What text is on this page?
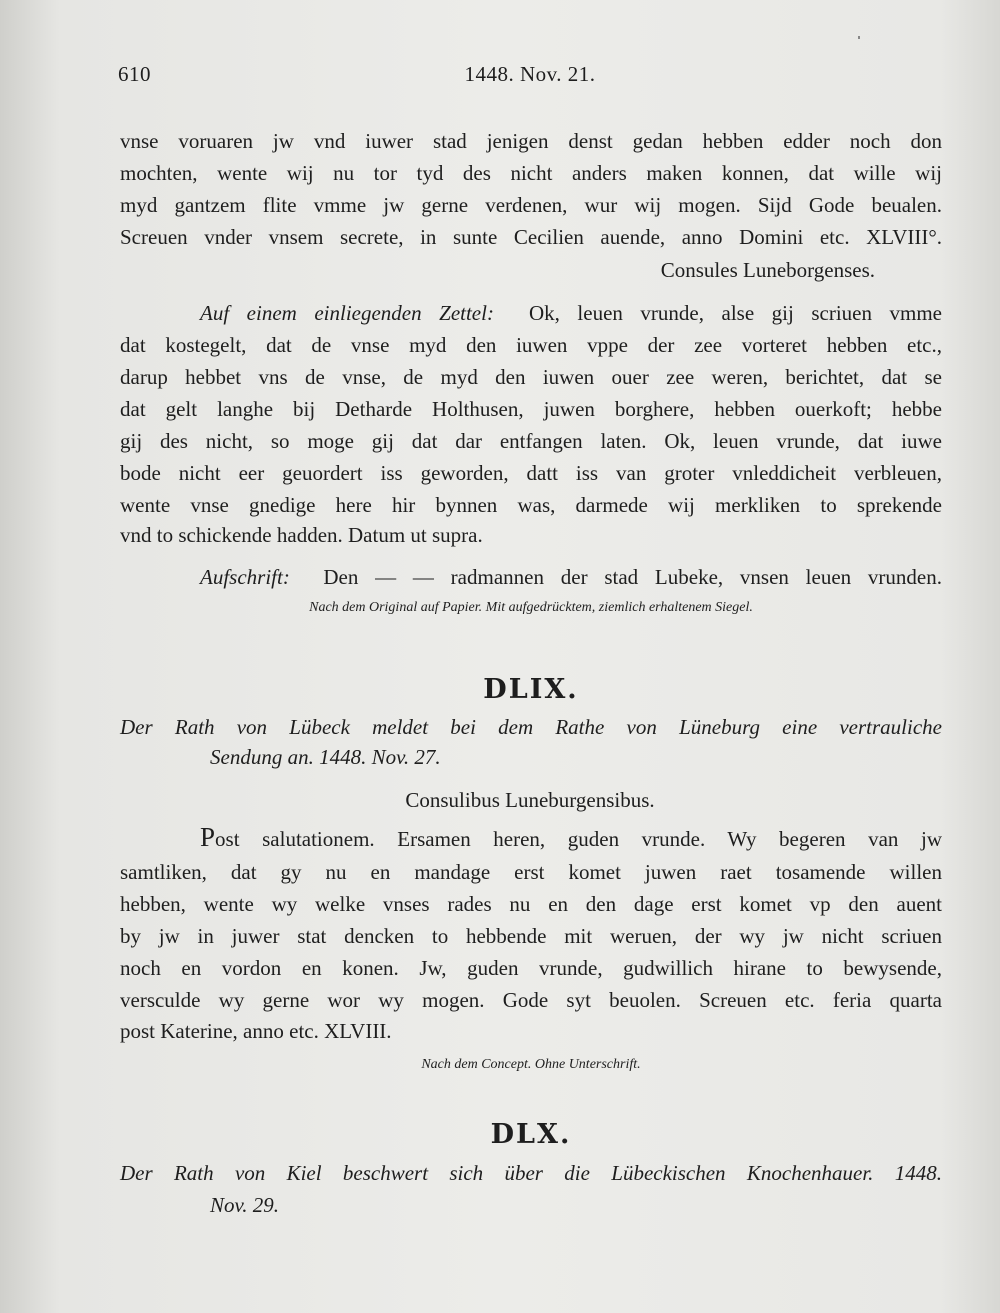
610	1448. Nov. 21.
vnse voruaren jw vnd iuwer stad jenigen denst gedan hebben edder noch don
mochten, wente wij nu tor tyd des nicht anders maken konnen, dat wille wij
myd gantzem flite vmme jw gerne verdenen, wur wij mogen. Sijd Gode beualen.
Screuen vnder vnsem secrete, in sunte Cecilien auende, anno Domini etc. XLVIII°.
Consules Luneborgenses.
Auf einem einliegenden Zettel: Ok, leuen vrunde, alse gij scriuen vmme
dat kostegelt, dat de vnse myd den iuwen vppe der zee vorteret hebben etc.,
darup hebbet vns de vnse, de myd den iuwen ouer zee weren, berichtet, dat se
dat gelt langhe bij Detharde Holthusen, juwen borghere, hebben ouerkoft; hebbe
gij des nicht, so moge gij dat dar entfangen laten. Ok, leuen vrunde, dat iuwe
bode nicht eer geuordert iss geworden, datt iss van groter vnleddicheit verbleuen,
wente vnse gnedige here hir bynnen was, darmede wij merkliken to sprekende
vnd to schickende hadden. Datum ut supra.
Aufschrift: Den — — radmannen der stad Lubeke, vnsen leuen vrunden.
Nach dem Original auf Papier. Mit aufgedrücktem, ziemlich erhaltenem Siegel.
DLIX.
Der Rath von Lübeck meldet bei dem Rathe von Lüneburg eine vertrauliche
Sendung an. 1448. Nov. 27.
Consulibus Luneburgensibus.
Post salutationem. Ersamen heren, guden vrunde. Wy begeren van jw
samtliken, dat gy nu en mandage erst komet juwen raet tosamende willen
hebben, wente wy welke vnses rades nu en den dage erst komet vp den auent
by jw in juwer stat dencken to hebbende mit weruen, der wy jw nicht scriuen
noch en vordon en konen. Jw, guden vrunde, gudwillich hirane to bewysende,
versculde wy gerne wor wy mogen. Gode syt beuolen. Screuen etc. feria quarta
post Katerine, anno etc. XLVIII.
Nach dem Concept. Ohne Unterschrift.
DLX.
Der Rath von Kiel beschwert sich über die Lübeckischen Knochenhauer. 1448.
Nov. 29.
